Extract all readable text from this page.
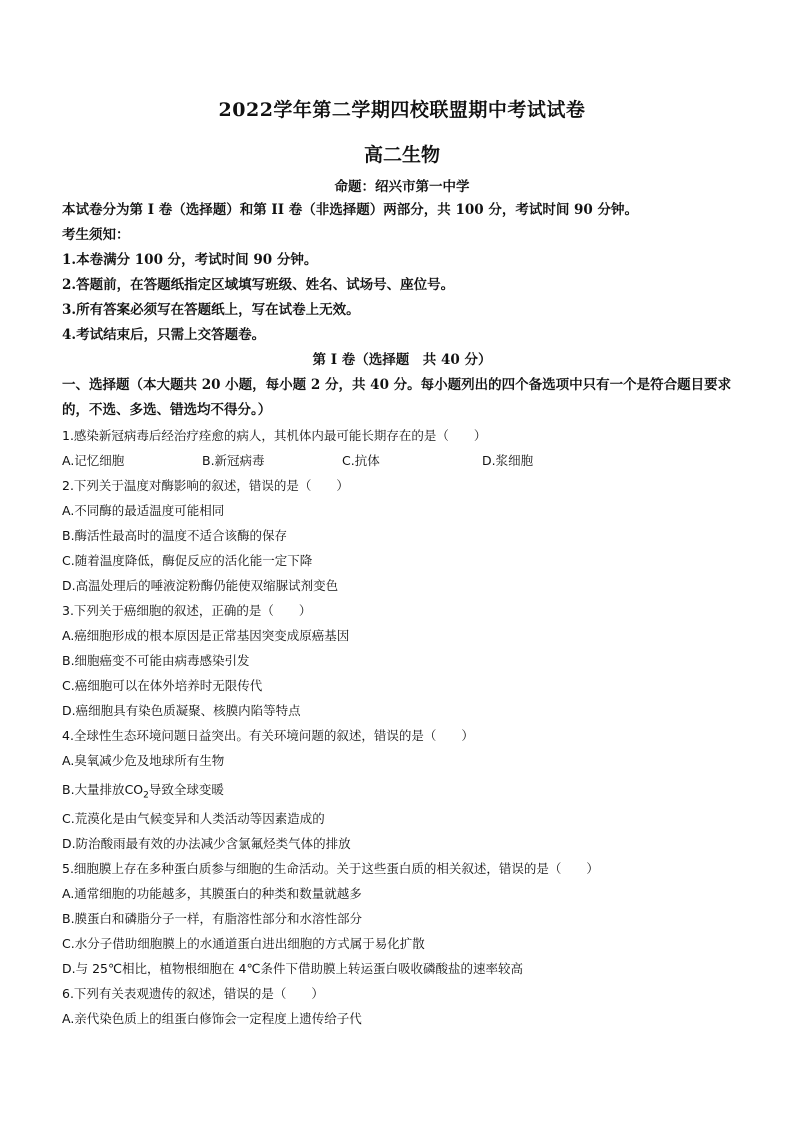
2022学年第二学期四校联盟期中考试试卷
高二生物
命题：绍兴市第一中学
本试卷分为第 I 卷（选择题）和第 II 卷（非选择题）两部分，共 100 分，考试时间 90 分钟。
考生须知：
1.本卷满分 100 分，考试时间 90 分钟。
2.答题前，在答题纸指定区域填写班级、姓名、试场号、座位号。
3.所有答案必须写在答题纸上，写在试卷上无效。
4.考试结束后，只需上交答题卷。
第 I 卷（选择题　共 40 分）
一、选择题（本大题共 20 小题，每小题 2 分，共 40 分。每小题列出的四个备选项中只有一个是符合题目要求的，不选、多选、错选均不得分。）
1.感染新冠病毒后经治疗痊愈的病人，其机体内最可能长期存在的是（　　）
A.记忆细胞	B.新冠病毒	C.抗体	D.浆细胞
2.下列关于温度对酶影响的叙述，错误的是（　　）
A.不同酶的最适温度可能相同
B.酶活性最高时的温度不适合该酶的保存
C.随着温度降低，酶促反应的活化能一定下降
D.高温处理后的唾液淀粉酶仍能使双缩脲试剂变色
3.下列关于癌细胞的叙述，正确的是（　　）
A.癌细胞形成的根本原因是正常基因突变成原癌基因
B.细胞癌变不可能由病毒感染引发
C.癌细胞可以在体外培养时无限传代
D.癌细胞具有染色质凝聚、核膜内陷等特点
4.全球性生态环境问题日益突出。有关环境问题的叙述，错误的是（　　）
A.臭氧减少危及地球所有生物
B.大量排放$CO_2$导致全球变暖
C.荒漠化是由气候变异和人类活动等因素造成的
D.防治酸雨最有效的办法减少含氯氟烃类气体的排放
5.细胞膜上存在多种蛋白质参与细胞的生命活动。关于这些蛋白质的相关叙述，错误的是（　　）
A.通常细胞的功能越多，其膜蛋白的种类和数量就越多
B.膜蛋白和磷脂分子一样，有脂溶性部分和水溶性部分
C.水分子借助细胞膜上的水通道蛋白进出细胞的方式属于易化扩散
D.与 25℃相比，植物根细胞在 4℃条件下借助膜上转运蛋白吸收磷酸盐的速率较高
6.下列有关表观遗传的叙述，错误的是（　　）
A.亲代染色质上的组蛋白修饰会一定程度上遗传给子代
